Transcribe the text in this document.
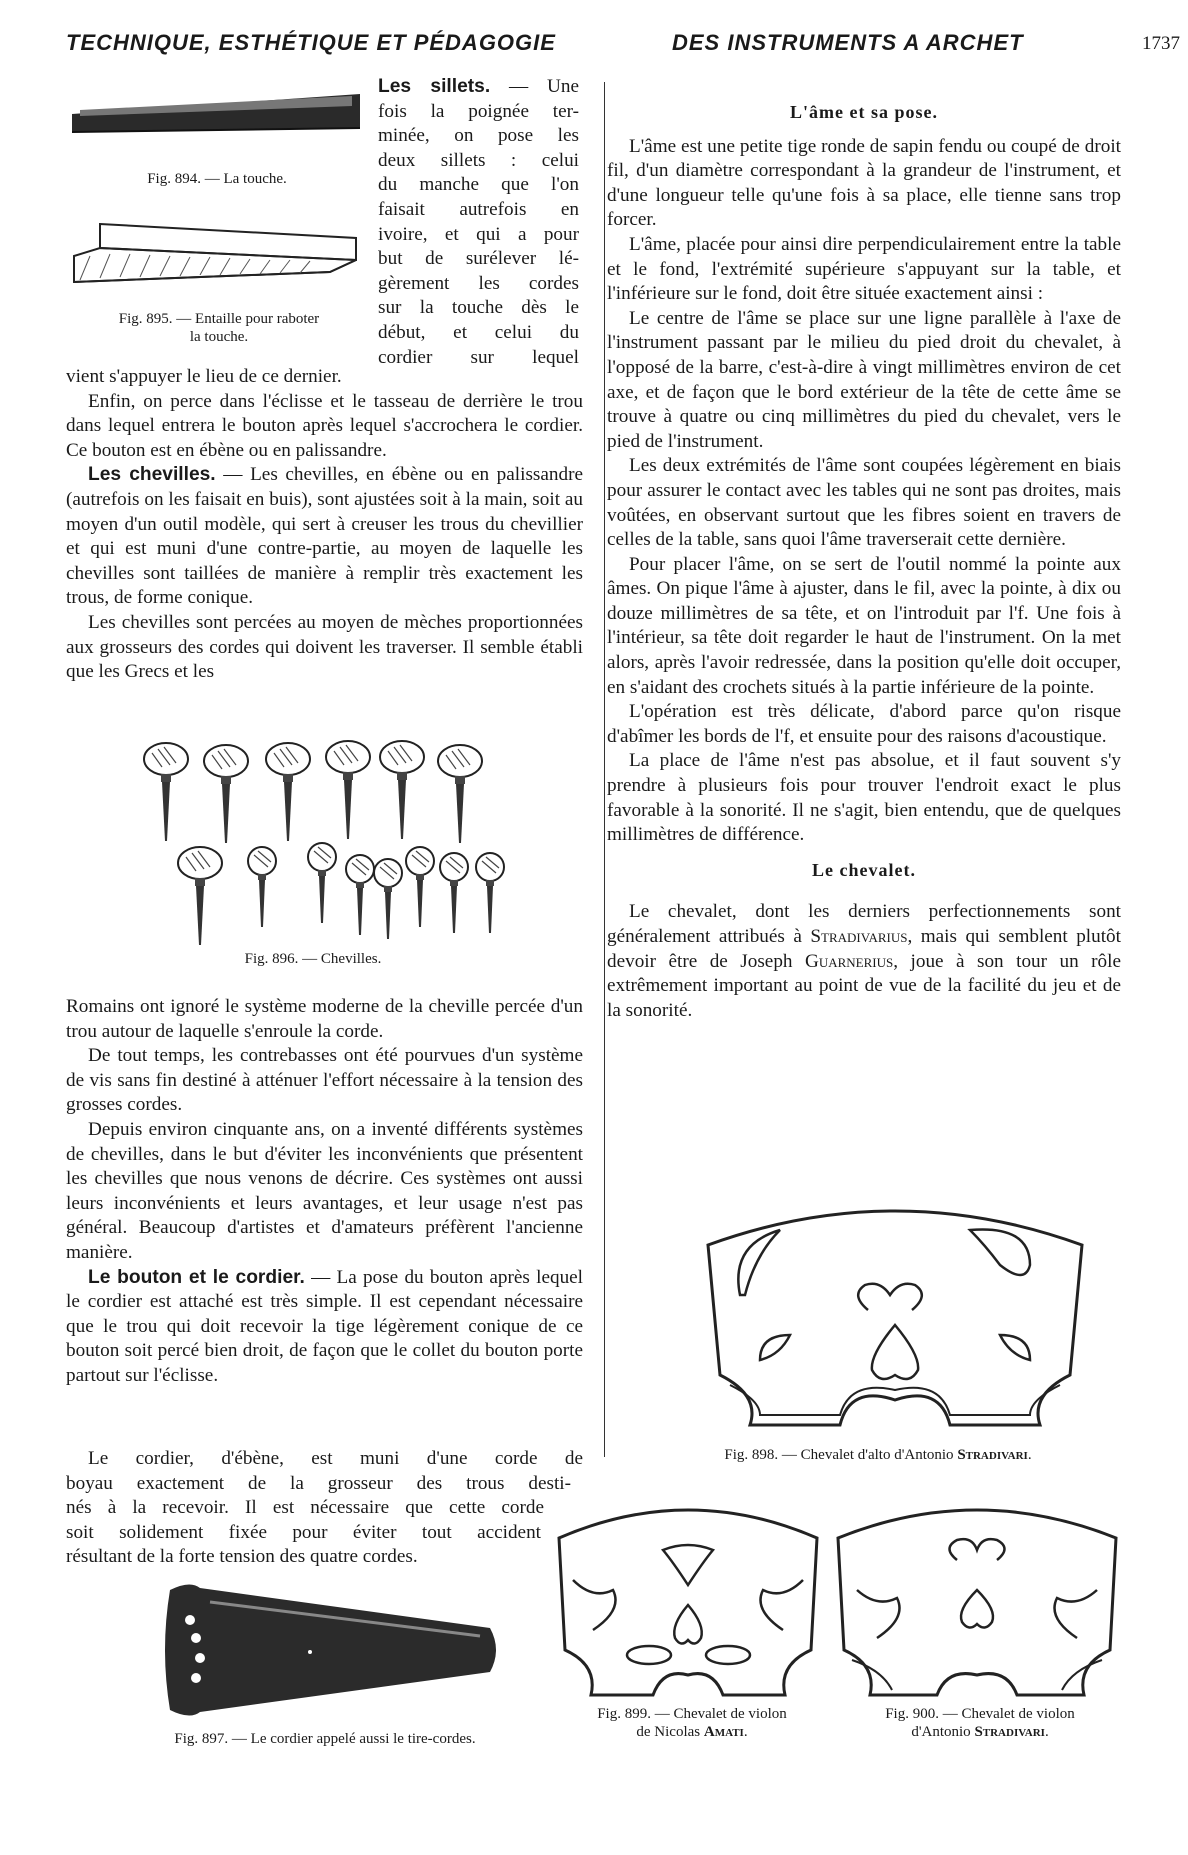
TECHNIQUE, ESTHÉTIQUE ET PÉDAGOGIE	DES INSTRUMENTS A ARCHET	1737
Fig. 894. — La touche.
Fig. 895. — Entaille pour raboter
la touche.
Les sillets. — Une
fois la poignée ter-
minée, on pose les
deux sillets : celui
du manche que l'on
faisait autrefois en
ivoire, et qui a pour
but de surélever lé-
gèrement les cordes
sur la touche dès le
début, et celui du
cordier sur lequel

vient s'appuyer le lieu de ce dernier.

Enfin, on perce dans l'éclisse et le tasseau de derrière le trou dans lequel entrera le bouton après lequel s'accrochera le cordier. Ce bouton est en ébène ou en palissandre.

Les chevilles. — Les chevilles, en ébène ou en palissandre (autrefois on les faisait en buis), sont ajustées soit à la main, soit au moyen d'un outil modèle, qui sert à creuser les trous du chevillier et qui est muni d'une contre-partie, au moyen de laquelle les chevilles sont taillées de manière à remplir très exactement les trous, de forme conique.

Les chevilles sont percées au moyen de mèches proportionnées aux grosseurs des cordes qui doivent les traverser. Il semble établi que les Grecs et les

Fig. 896. — Chevilles.

Romains ont ignoré le système moderne de la cheville percée d'un trou autour de laquelle s'enroule la corde.

De tout temps, les contrebasses ont été pourvues d'un système de vis sans fin destiné à atténuer l'effort nécessaire à la tension des grosses cordes.

Depuis environ cinquante ans, on a inventé différents systèmes de chevilles, dans le but d'éviter les inconvénients que présentent les chevilles que nous venons de décrire. Ces systèmes ont aussi leurs inconvénients et leurs avantages, et leur usage n'est pas général. Beaucoup d'artistes et d'amateurs préfèrent l'ancienne manière.

Le bouton et le cordier. — La pose du bouton après lequel le cordier est attaché est très simple. Il est cependant nécessaire que le trou qui doit recevoir la tige légèrement conique de ce bouton soit percé bien droit, de façon que le collet du bouton porte partout sur l'éclisse.

Le cordier, d'ébène, est muni d'une corde de
boyau exactement de la grosseur des trous desti-
nés à la recevoir. Il est nécessaire que cette corde
soit solidement fixée pour éviter tout accident
résultant de la forte tension des quatre cordes.
Fig. 897. — Le cordier appelé aussi le tire-cordes.
L'âme et sa pose.

L'âme est une petite tige ronde de sapin fendu ou coupé de droit fil, d'un diamètre correspondant à la grandeur de l'instrument, et d'une longueur telle qu'une fois à sa place, elle tienne sans trop forcer.

L'âme, placée pour ainsi dire perpendiculairement entre la table et le fond, l'extrémité supérieure s'appuyant sur la table, et l'inférieure sur le fond, doit être située exactement ainsi :

Le centre de l'âme se place sur une ligne parallèle à l'axe de l'instrument passant par le milieu du pied droit du chevalet, à l'opposé de la barre, c'est-à-dire à vingt millimètres environ de cet axe, et de façon que le bord extérieur de la tête de cette âme se trouve à quatre ou cinq millimètres du pied du chevalet, vers le pied de l'instrument.

Les deux extrémités de l'âme sont coupées légèrement en biais pour assurer le contact avec les tables qui ne sont pas droites, mais voûtées, en observant surtout que les fibres soient en travers de celles de la table, sans quoi l'âme traverserait cette dernière.

Pour placer l'âme, on se sert de l'outil nommé la pointe aux âmes. On pique l'âme à ajuster, dans le fil, avec la pointe, à dix ou douze millimètres de sa tête, et on l'introduit par l'f. Une fois à l'intérieur, sa tête doit regarder le haut de l'instrument. On la met alors, après l'avoir redressée, dans la position qu'elle doit occuper, en s'aidant des crochets situés à la partie inférieure de la pointe.

L'opération est très délicate, d'abord parce qu'on risque d'abîmer les bords de l'f, et ensuite pour des raisons d'acoustique.

La place de l'âme n'est pas absolue, et il faut souvent s'y prendre à plusieurs fois pour trouver l'endroit exact le plus favorable à la sonorité. Il ne s'agit, bien entendu, que de quelques millimètres de différence.

Le chevalet.

Le chevalet, dont les derniers perfectionnements sont généralement attribués à Stradivarius, mais qui semblent plutôt devoir être de Joseph Guarnerius, joue à son tour un rôle extrêmement important au point de vue de la facilité du jeu et de la sonorité.

Fig. 898. — Chevalet d'alto d'Antonio Stradivari.
Fig. 899. — Chevalet de violon
de Nicolas Amati.
Fig. 900. — Chevalet de violon
d'Antonio Stradivari.
